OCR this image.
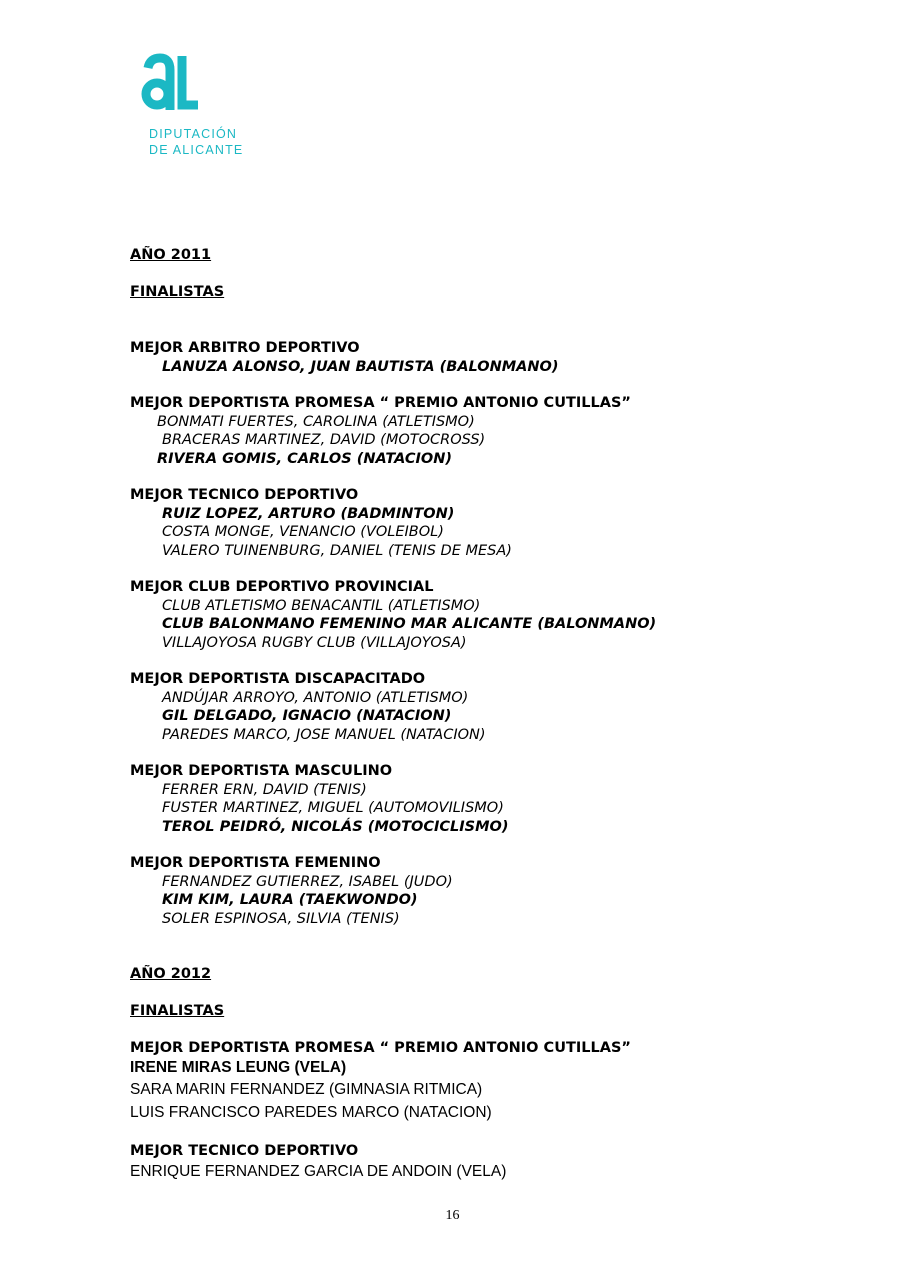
DIPUTACIÓN
DE ALICANTE
AÑO 2011
FINALISTAS
MEJOR ARBITRO DEPORTIVO
LANUZA ALONSO, JUAN BAUTISTA (BALONMANO)
MEJOR DEPORTISTA PROMESA “ PREMIO ANTONIO CUTILLAS”
BONMATI FUERTES, CAROLINA (ATLETISMO)
BRACERAS MARTINEZ, DAVID (MOTOCROSS)
RIVERA GOMIS, CARLOS (NATACION)
MEJOR TECNICO DEPORTIVO
RUIZ LOPEZ, ARTURO (BADMINTON)
COSTA MONGE, VENANCIO (VOLEIBOL)
VALERO TUINENBURG, DANIEL (TENIS DE MESA)
MEJOR CLUB DEPORTIVO PROVINCIAL
CLUB ATLETISMO BENACANTIL (ATLETISMO)
CLUB BALONMANO FEMENINO MAR ALICANTE (BALONMANO)
VILLAJOYOSA RUGBY CLUB (VILLAJOYOSA)
MEJOR DEPORTISTA DISCAPACITADO
ANDÚJAR ARROYO, ANTONIO (ATLETISMO)
GIL DELGADO, IGNACIO (NATACION)
PAREDES MARCO, JOSE MANUEL (NATACION)
MEJOR DEPORTISTA MASCULINO
FERRER ERN, DAVID (TENIS)
FUSTER MARTINEZ, MIGUEL (AUTOMOVILISMO)
TEROL PEIDRÓ, NICOLÁS (MOTOCICLISMO)
MEJOR DEPORTISTA FEMENINO
FERNANDEZ GUTIERREZ, ISABEL (JUDO)
KIM KIM, LAURA (TAEKWONDO)
SOLER ESPINOSA, SILVIA (TENIS)
AÑO 2012
FINALISTAS
MEJOR DEPORTISTA PROMESA “ PREMIO ANTONIO CUTILLAS”
IRENE MIRAS LEUNG (VELA)
SARA MARIN FERNANDEZ (GIMNASIA RITMICA)
LUIS FRANCISCO PAREDES MARCO (NATACION)
MEJOR TECNICO DEPORTIVO
ENRIQUE FERNANDEZ GARCIA DE ANDOIN (VELA)
16
